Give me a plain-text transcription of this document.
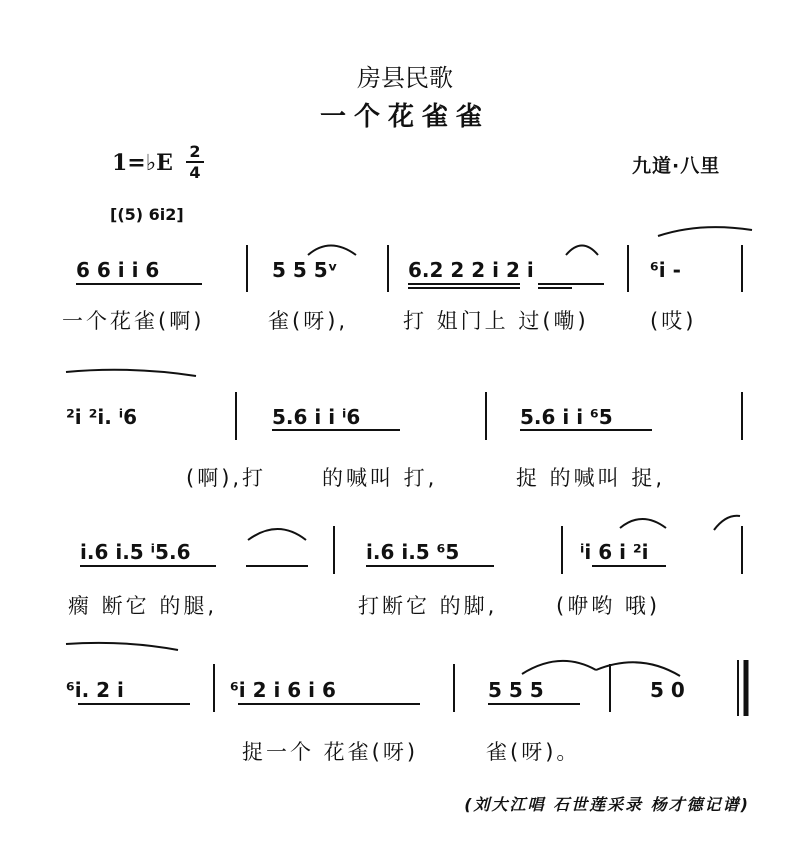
房县民歌
一个花雀雀
1=♭E 2
4	九道·八里
[(5) 6i2]
6 6 i i 6	5 5 5ᵛ	6.2 2 2 i 2 i	⁶i -
一个花雀(啊)	雀(呀),	打 姐门上 过(嘞)	(哎)
²i ²i. ⁱ6	5.6 i i ⁱ6	5.6 i i ⁶5
(啊),打	的喊叫 打,	捉 的喊叫 捉,
i.6 i.5 ⁱ5.6	i.6 i.5 ⁶5	ⁱi 6 i ²i
瘸 断它 的腿,	打断它 的脚,	(咿哟 哦)
⁶i. 2 i	⁶i 2 i 6 i 6	5 5 5	5 0
捉一个 花雀(呀)	雀(呀)。
(刘大江唱 石世莲采录 杨才德记谱)
